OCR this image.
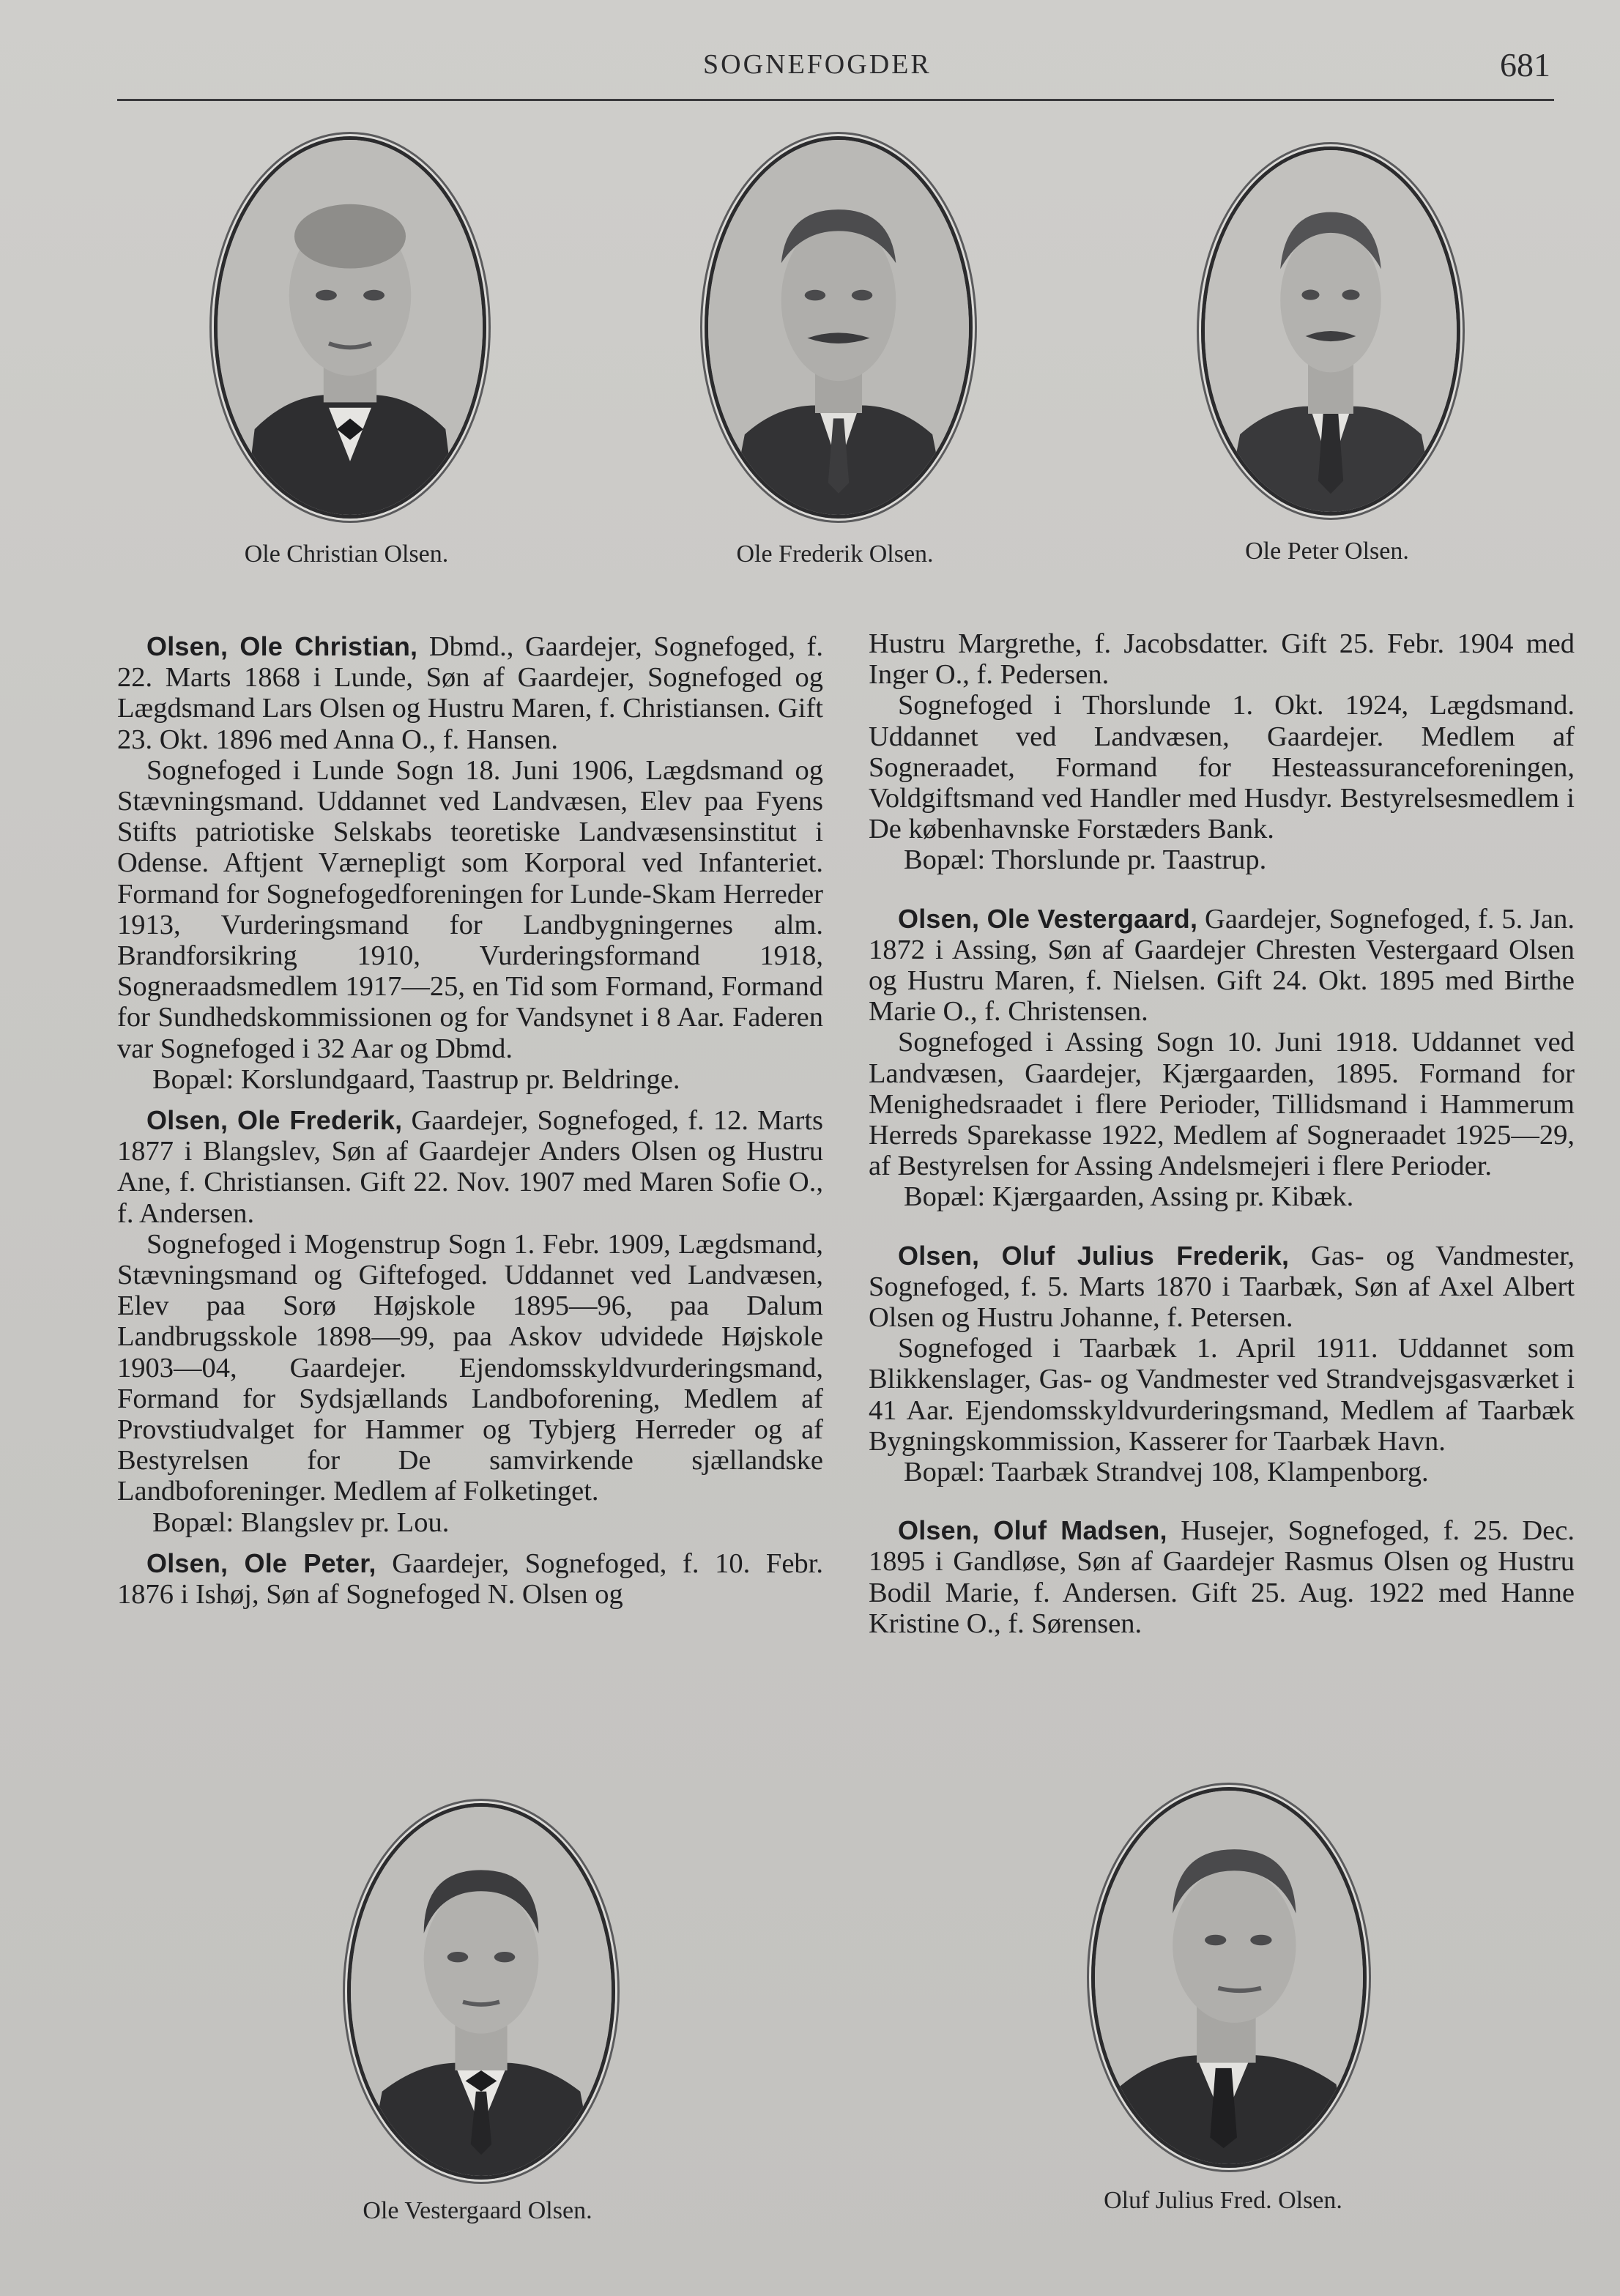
SOGNEFOGDER	681
Ole Christian Olsen.	Ole Frederik Olsen.	Ole Peter Olsen.

Olsen, Ole Christian, Dbmd., Gaardejer, Sognefoged, f. 22. Marts 1868 i Lunde, Søn af Gaardejer, Sognefoged og Lægdsmand Lars Olsen og Hustru Maren, f. Christiansen. Gift 23. Okt. 1896 med Anna O., f. Hansen.

Sognefoged i Lunde Sogn 18. Juni 1906, Lægdsmand og Stævningsmand. Uddannet ved Landvæsen, Elev paa Fyens Stifts patriotiske Selskabs teoretiske Landvæsensinstitut i Odense. Aftjent Værnepligt som Korporal ved Infanteriet. Formand for Sognefogedforeningen for Lunde-Skam Herreder 1913, Vurderingsmand for Landbygningernes alm. Brandforsikring 1910, Vurderingsformand 1918, Sogneraadsmedlem 1917—25, en Tid som Formand, Formand for Sundhedskommissionen og for Vandsynet i 8 Aar. Faderen var Sognefoged i 32 Aar og Dbmd.

Bopæl: Korslundgaard, Taastrup pr. Beldringe.

Olsen, Ole Frederik, Gaardejer, Sognefoged, f. 12. Marts 1877 i Blangslev, Søn af Gaardejer Anders Olsen og Hustru Ane, f. Christiansen. Gift 22. Nov. 1907 med Maren Sofie O., f. Andersen.

Sognefoged i Mogenstrup Sogn 1. Febr. 1909, Lægdsmand, Stævningsmand og Giftefoged. Uddannet ved Landvæsen, Elev paa Sorø Højskole 1895—96, paa Dalum Landbrugsskole 1898—99, paa Askov udvidede Højskole 1903—04, Gaardejer. Ejendomsskyldvurderingsmand, Formand for Sydsjællands Landboforening, Medlem af Provstiudvalget for Hammer og Tybjerg Herreder og af Bestyrelsen for De samvirkende sjællandske Landboforeninger. Medlem af Folketinget.

Bopæl: Blangslev pr. Lou.

Olsen, Ole Peter, Gaardejer, Sognefoged, f. 10. Febr. 1876 i Ishøj, Søn af Sognefoged N. Olsen og

Hustru Margrethe, f. Jacobsdatter. Gift 25. Febr. 1904 med Inger O., f. Pedersen.

Sognefoged i Thorslunde 1. Okt. 1924, Lægdsmand. Uddannet ved Landvæsen, Gaardejer. Medlem af Sogneraadet, Formand for Hesteassuranceforeningen, Voldgiftsmand ved Handler med Husdyr. Bestyrelsesmedlem i De københavnske Forstæders Bank.

Bopæl: Thorslunde pr. Taastrup.

Olsen, Ole Vestergaard, Gaardejer, Sognefoged, f. 5. Jan. 1872 i Assing, Søn af Gaardejer Chresten Vestergaard Olsen og Hustru Maren, f. Nielsen. Gift 24. Okt. 1895 med Birthe Marie O., f. Christensen.

Sognefoged i Assing Sogn 10. Juni 1918. Uddannet ved Landvæsen, Gaardejer, Kjærgaarden, 1895. Formand for Menighedsraadet i flere Perioder, Tillidsmand i Hammerum Herreds Sparekasse 1922, Medlem af Sogneraadet 1925—29, af Bestyrelsen for Assing Andelsmejeri i flere Perioder.

Bopæl: Kjærgaarden, Assing pr. Kibæk.

Olsen, Oluf Julius Frederik, Gas- og Vandmester, Sognefoged, f. 5. Marts 1870 i Taarbæk, Søn af Axel Albert Olsen og Hustru Johanne, f. Petersen.

Sognefoged i Taarbæk 1. April 1911. Uddannet som Blikkenslager, Gas- og Vandmester ved Strandvejsgasværket i 41 Aar. Ejendomsskyldvurderingsmand, Medlem af Taarbæk Bygningskommission, Kasserer for Taarbæk Havn.

Bopæl: Taarbæk Strandvej 108, Klampenborg.

Olsen, Oluf Madsen, Husejer, Sognefoged, f. 25. Dec. 1895 i Gandløse, Søn af Gaardejer Rasmus Olsen og Hustru Bodil Marie, f. Andersen. Gift 25. Aug. 1922 med Hanne Kristine O., f. Sørensen.

Ole Vestergaard Olsen.	Oluf Julius Fred. Olsen.
